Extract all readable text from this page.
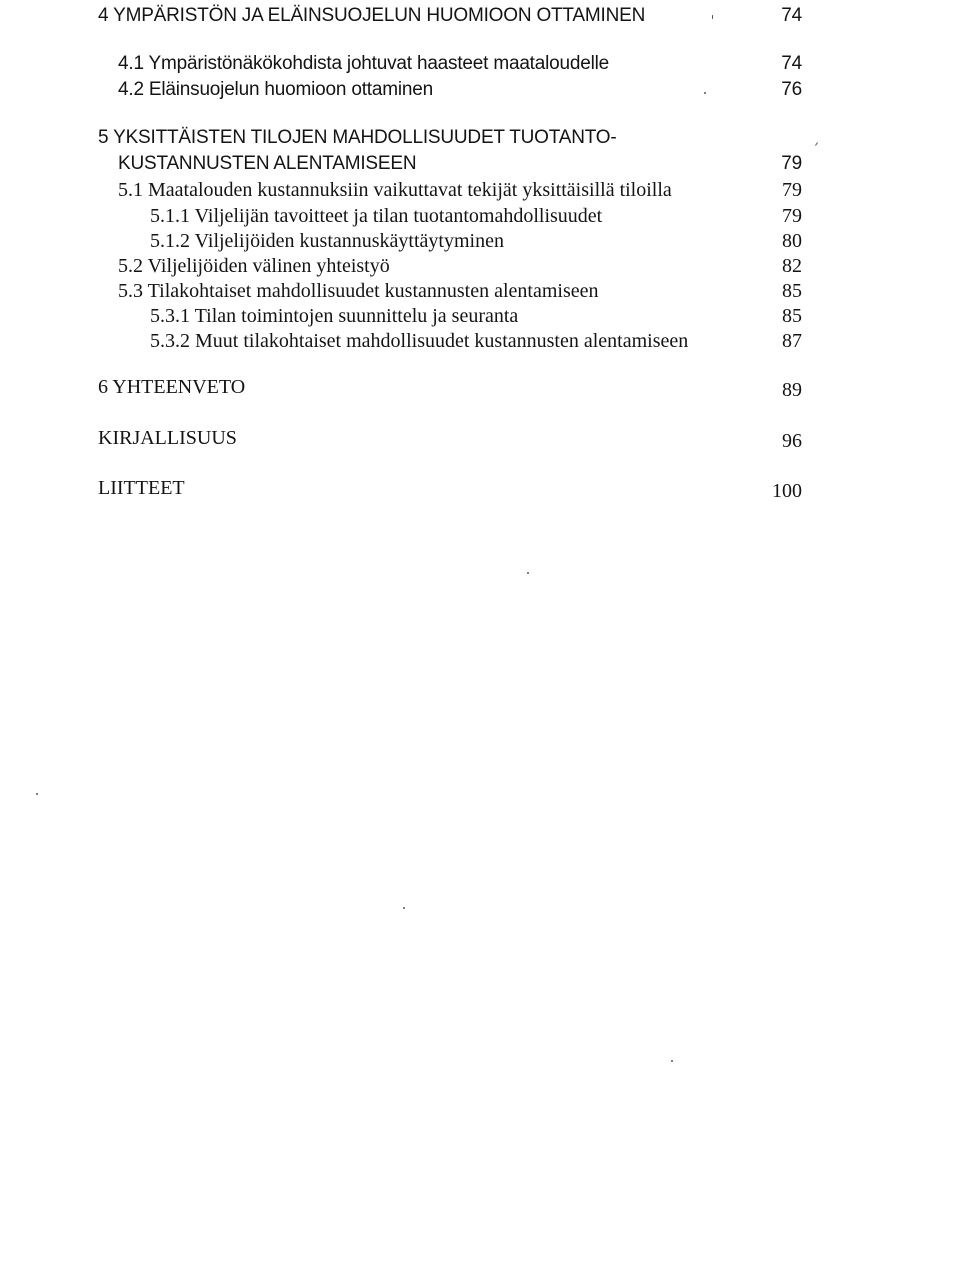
4 YMPÄRISTÖN JA ELÄINSUOJELUN HUOMIOON OTTAMINEN	74
4.1 Ympäristönäkökohdista johtuvat haasteet maataloudelle	74
4.2 Eläinsuojelun huomioon ottaminen	76
5 YKSITTÄISTEN TILOJEN MAHDOLLISUUDET TUOTANTO-
KUSTANNUSTEN ALENTAMISEEN	79
5.1 Maatalouden kustannuksiin vaikuttavat tekijät yksittäisillä tiloilla	79
5.1.1 Viljelijän tavoitteet ja tilan tuotantomahdollisuudet	79
5.1.2 Viljelijöiden kustannuskäyttäytyminen	80
5.2 Viljelijöiden välinen yhteistyö	82
5.3 Tilakohtaiset mahdollisuudet kustannusten alentamiseen	85
5.3.1 Tilan toimintojen suunnittelu ja seuranta	85
5.3.2 Muut tilakohtaiset mahdollisuudet kustannusten alentamiseen	87
6 YHTEENVETO	89
KIRJALLISUUS	96
LIITTEET	100
